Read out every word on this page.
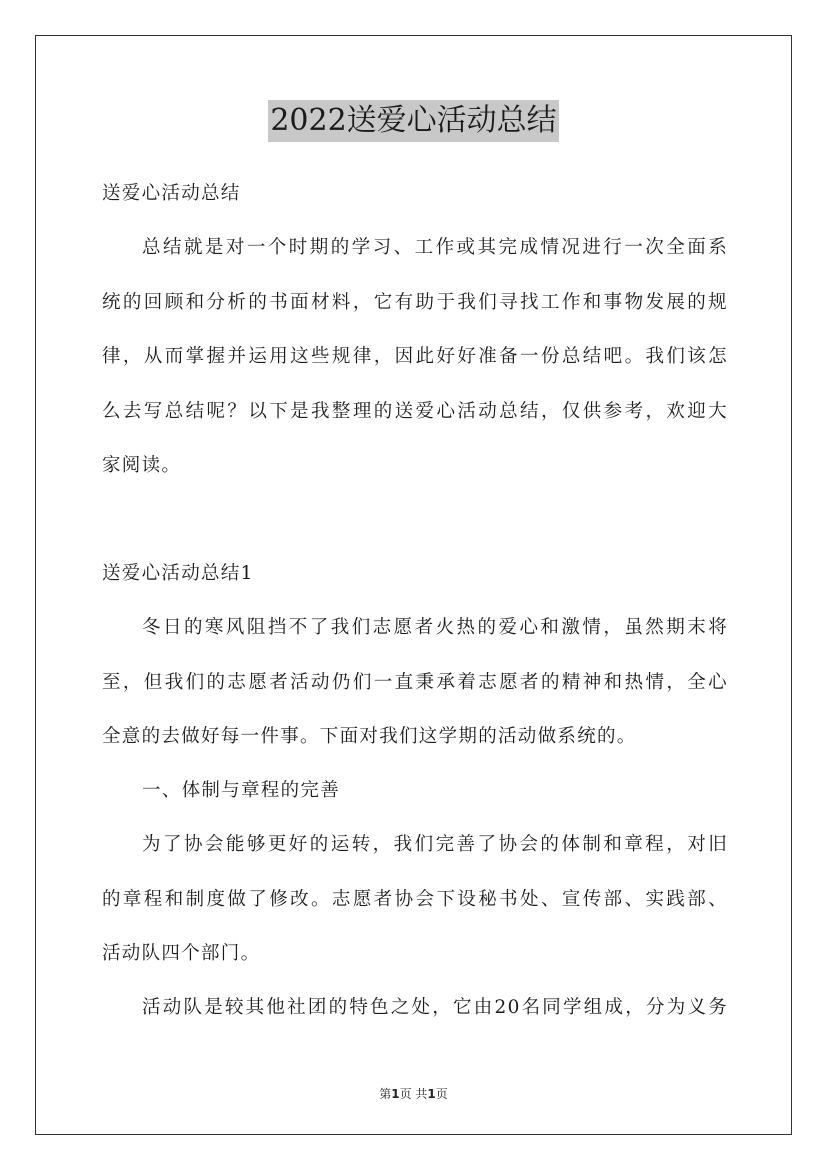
2022送爱心活动总结
送爱心活动总结
总结就是对一个时期的学习、工作或其完成情况进行一次全面系
统的回顾和分析的书面材料，它有助于我们寻找工作和事物发展的规
律，从而掌握并运用这些规律，因此好好准备一份总结吧。我们该怎
么去写总结呢？以下是我整理的送爱心活动总结，仅供参考，欢迎大
家阅读。
送爱心活动总结1
冬日的寒风阻挡不了我们志愿者火热的爱心和激情，虽然期末将
至，但我们的志愿者活动仍们一直秉承着志愿者的精神和热情，全心
全意的去做好每一件事。下面对我们这学期的活动做系统的。
一、体制与章程的完善
为了协会能够更好的运转，我们完善了协会的体制和章程，对旧
的章程和制度做了修改。志愿者协会下设秘书处、宣传部、实践部、
活动队四个部门。
活动队是较其他社团的特色之处，它由20名同学组成，分为义务
第1页 共1页
